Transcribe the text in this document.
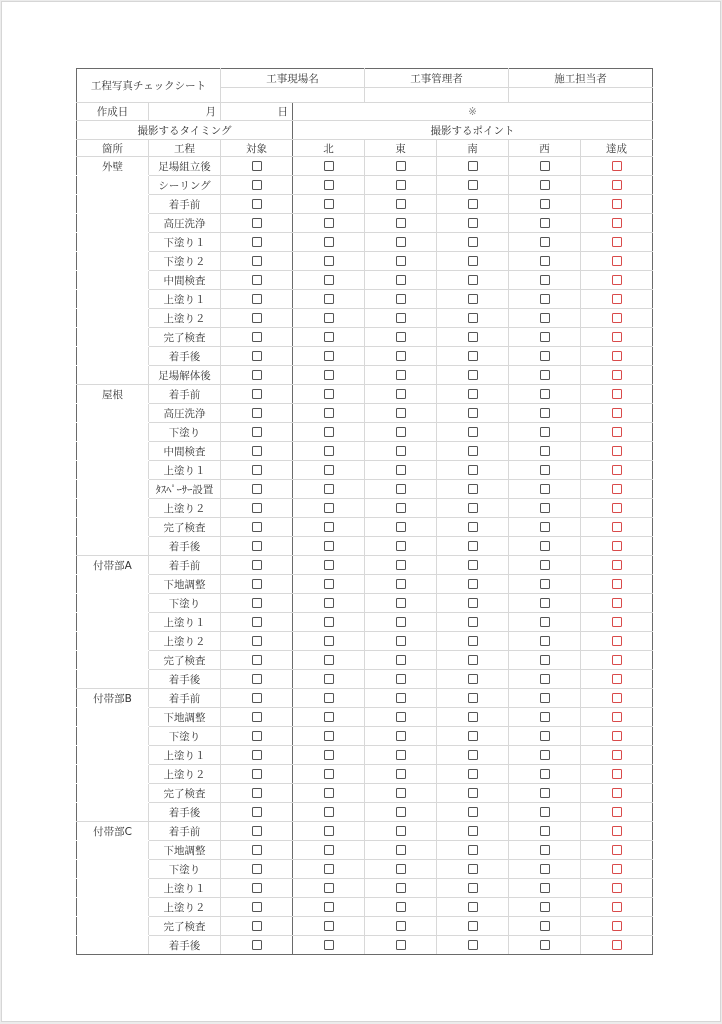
工程写真チェックシート		工事現場名		工事管理者		施工担当者	

作成日	月	日	※				
撮影するタイミング			撮影するポイント				
箇所	工程	対象	北	東	南	西	達成
外壁	足場組立後						
	シーリング						
	着手前						
	高圧洗浄						
	下塗り１						
	下塗り２						
	中間検査						
	上塗り１						
	上塗り２						
	完了検査						
	着手後						
	足場解体後						
屋根	着手前						
	高圧洗浄						
	下塗り						
	中間検査						
	上塗り１						
	ﾀｽﾍﾟｰｻｰ設置						
	上塗り２						
	完了検査						
	着手後						
付帯部A	着手前						
	下地調整						
	下塗り						
	上塗り１						
	上塗り２						
	完了検査						
	着手後						
付帯部B	着手前						
	下地調整						
	下塗り						
	上塗り１						
	上塗り２						
	完了検査						
	着手後						
付帯部C	着手前						
	下地調整						
	下塗り						
	上塗り１						
	上塗り２						
	完了検査						
	着手後						
